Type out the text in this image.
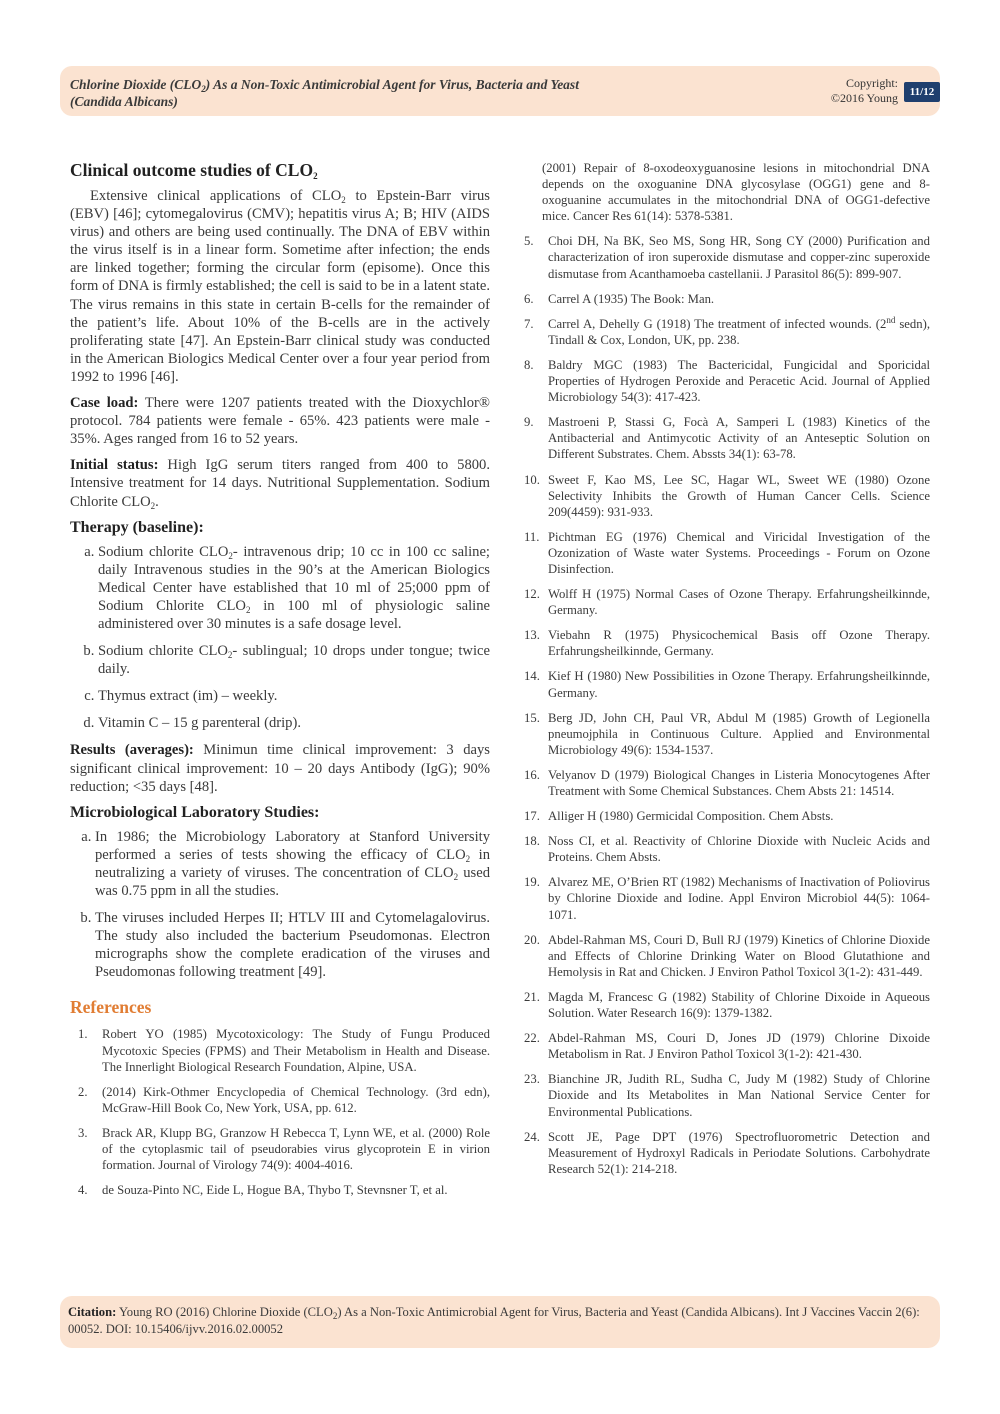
Chlorine Dioxide $(CLO_2)$ As a Non-Toxic Antimicrobial Agent for Virus, Bacteria and Yeast (Candida Albicans)
Copyright:
©2016 Young	11/12
Clinical outcome studies of $CLO_2$

Extensive clinical applications of $CLO_2$ to Epstein-Barr virus (EBV) [46]; cytomegalovirus (CMV); hepatitis virus A; B; HIV (AIDS virus) and others are being used continually. The DNA of EBV within the virus itself is in a linear form. Sometime after infection; the ends are linked together; forming the circular form (episome). Once this form of DNA is firmly established; the cell is said to be in a latent state. The virus remains in this state in certain B-cells for the remainder of the patient’s life. About 10% of the B-cells are in the actively proliferating state [47]. An Epstein-Barr clinical study was conducted in the American Biologics Medical Center over a four year period from 1992 to 1996 [46].

Case load: There were 1207 patients treated with the Dioxychlor® protocol. 784 patients were female - 65%. 423 patients were male - 35%. Ages ranged from 16 to 52 years.

Initial status: High IgG serum titers ranged from 400 to 5800. Intensive treatment for 14 days. Nutritional Supplementation. Sodium Chlorite $CLO_2$.

Therapy (baseline):
a. Sodium chlorite $CLO_2-$ intravenous drip; 10 cc in 100 cc saline; daily Intravenous studies in the 90’s at the American Biologics Medical Center have established that 10 ml of 25;000 ppm of Sodium Chlorite $CLO_2$ in 100 ml of physiologic saline administered over 30 minutes is a safe dosage level.
b. Sodium chlorite $CLO_2-$ sublingual; 10 drops under tongue; twice daily.
c. Thymus extract (im) – weekly.
d. Vitamin C – 15 g parenteral (drip).

Results (averages): Minimun time clinical improvement: 3 days significant clinical improvement: 10 – 20 days Antibody (IgG); 90% reduction; <35 days [48].

Microbiological Laboratory Studies:
a. In 1986; the Microbiology Laboratory at Stanford University performed a series of tests showing the efficacy of $CLO_2$ in neutralizing a variety of viruses. The concentration of $CLO_2$ used was 0.75 ppm in all the studies.
b. The viruses included Herpes II; HTLV III and Cytomelagalovirus. The study also included the bacterium Pseudomonas. Electron micrographs show the complete eradication of the viruses and Pseudomonas following treatment [49].
References
1. Robert YO (1985) Mycotoxicology: The Study of Fungu Produced Mycotoxic Species (FPMS) and Their Metabolism in Health and Disease. The Innerlight Biological Research Foundation, Alpine, USA.
2. (2014) Kirk-Othmer Encyclopedia of Chemical Technology. (3rd edn), McGraw-Hill Book Co, New York, USA, pp. 612.
3. Brack AR, Klupp BG, Granzow H Rebecca T, Lynn WE, et al. (2000) Role of the cytoplasmic tail of pseudorabies virus glycoprotein E in virion formation. Journal of Virology 74(9): 4004-4016.
4. de Souza-Pinto NC, Eide L, Hogue BA, Thybo T, Stevnsner T, et al.
(2001) Repair of 8-oxodeoxyguanosine lesions in mitochondrial DNA depends on the oxoguanine DNA glycosylase (OGG1) gene and 8- oxoguanine accumulates in the mitochondrial DNA of OGG1-defective mice. Cancer Res 61(14): 5378-5381.
5. Choi DH, Na BK, Seo MS, Song HR, Song CY (2000) Purification and characterization of iron superoxide dismutase and copper-zinc superoxide dismutase from Acanthamoeba castellanii. J Parasitol 86(5): 899-907.
6. Carrel A (1935) The Book: Man.
7. Carrel A, Dehelly G (1918) The treatment of infected wounds. (2nd sedn), Tindall & Cox, London, UK, pp. 238.
8. Baldry MGC (1983) The Bactericidal, Fungicidal and Sporicidal Properties of Hydrogen Peroxide and Peracetic Acid. Journal of Applied Microbiology 54(3): 417-423.
9. Mastroeni P, Stassi G, Focà A, Samperi L (1983) Kinetics of the Antibacterial and Antimycotic Activity of an Anteseptic Solution on Different Substrates. Chem. Abssts 34(1): 63-78.
10. Sweet F, Kao MS, Lee SC, Hagar WL, Sweet WE (1980) Ozone Selectivity Inhibits the Growth of Human Cancer Cells. Science 209(4459): 931-933.
11. Pichtman EG (1976) Chemical and Viricidal Investigation of the Ozonization of Waste water Systems. Proceedings - Forum on Ozone Disinfection.
12. Wolff H (1975) Normal Cases of Ozone Therapy. Erfahrungsheilkinnde, Germany.
13. Viebahn R (1975) Physicochemical Basis off Ozone Therapy. Erfahrungsheilkinnde, Germany.
14. Kief H (1980) New Possibilities in Ozone Therapy. Erfahrungsheilkinnde, Germany.
15. Berg JD, John CH, Paul VR, Abdul M (1985) Growth of Legionella pneumojphila in Continuous Culture. Applied and Environmental Microbiology 49(6): 1534-1537.
16. Velyanov D (1979) Biological Changes in Listeria Monocytogenes After Treatment with Some Chemical Substances. Chem Absts 21: 14514.
17. Alliger H (1980) Germicidal Composition. Chem Absts.
18. Noss CI, et al. Reactivity of Chlorine Dioxide with Nucleic Acids and Proteins. Chem Absts.
19. Alvarez ME, O’Brien RT (1982) Mechanisms of Inactivation of Poliovirus by Chlorine Dioxide and Iodine. Appl Environ Microbiol 44(5): 1064-1071.
20. Abdel-Rahman MS, Couri D, Bull RJ (1979) Kinetics of Chlorine Dioxide and Effects of Chlorine Drinking Water on Blood Glutathione and Hemolysis in Rat and Chicken. J Environ Pathol Toxicol 3(1-2): 431-449.
21. Magda M, Francesc G (1982) Stability of Chlorine Dixoide in Aqueous Solution. Water Research 16(9): 1379-1382.
22. Abdel-Rahman MS, Couri D, Jones JD (1979) Chlorine Dixoide Metabolism in Rat. J Environ Pathol Toxicol 3(1-2): 421-430.
23. Bianchine JR, Judith RL, Sudha C, Judy M (1982) Study of Chlorine Dioxide and Its Metabolites in Man National Service Center for Environmental Publications.
24. Scott JE, Page DPT (1976) Spectrofluorometric Detection and Measurement of Hydroxyl Radicals in Periodate Solutions. Carbohydrate Research 52(1): 214-218.
Citation: Young RO (2016) Chlorine Dioxide $(CLO_2)$ As a Non-Toxic Antimicrobial Agent for Virus, Bacteria and Yeast (Candida Albicans). Int J Vaccines Vaccin 2(6): 00052. DOI: 10.15406/ijvv.2016.02.00052
